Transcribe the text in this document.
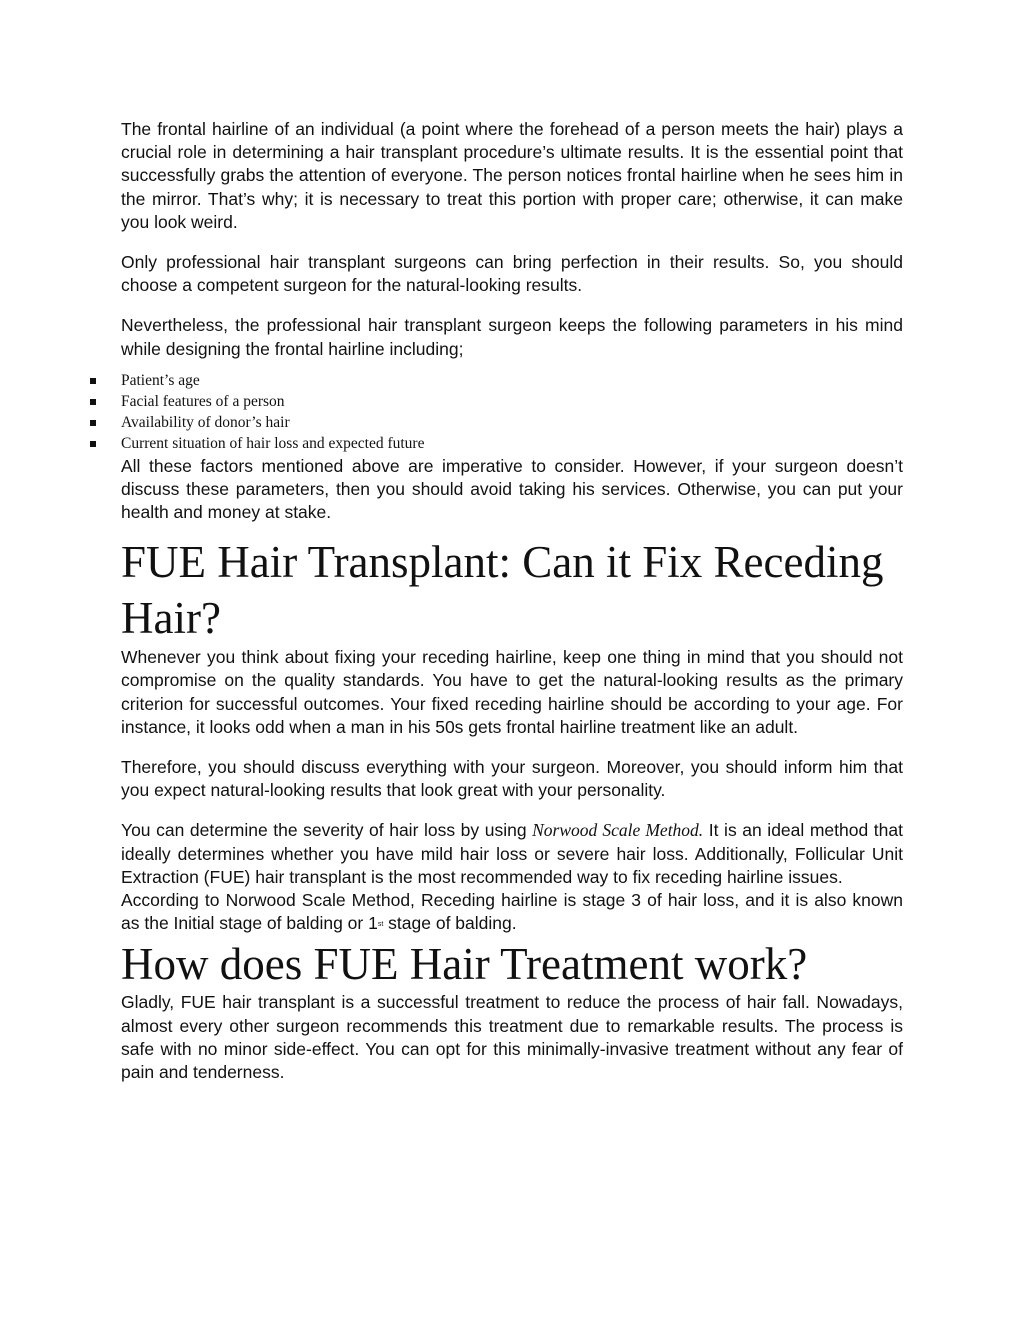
The frontal hairline of an individual (a point where the forehead of a person meets the hair) plays a crucial role in determining a hair transplant procedure’s ultimate results. It is the essential point that successfully grabs the attention of everyone. The person notices frontal hairline when he sees him in the mirror. That’s why; it is necessary to treat this portion with proper care; otherwise, it can make you look weird.

Only professional hair transplant surgeons can bring perfection in their results. So, you should choose a competent surgeon for the natural-looking results.

Nevertheless, the professional hair transplant surgeon keeps the following parameters in his mind while designing the frontal hairline including;

Patient’s age
Facial features of a person
Availability of donor’s hair
Current situation of hair loss and expected future

All these factors mentioned above are imperative to consider. However, if your surgeon doesn’t discuss these parameters, then you should avoid taking his services. Otherwise, you can put your health and money at stake.

FUE Hair Transplant: Can it Fix Receding Hair?

Whenever you think about fixing your receding hairline, keep one thing in mind that you should not compromise on the quality standards. You have to get the natural-looking results as the primary criterion for successful outcomes. Your fixed receding hairline should be according to your age. For instance, it looks odd when a man in his 50s gets frontal hairline treatment like an adult.

Therefore, you should discuss everything with your surgeon. Moreover, you should inform him that you expect natural-looking results that look great with your personality.

You can determine the severity of hair loss by using Norwood Scale Method. It is an ideal method that ideally determines whether you have mild hair loss or severe hair loss. Additionally, Follicular Unit Extraction (FUE) hair transplant is the most recommended way to fix receding hairline issues.

According to Norwood Scale Method, Receding hairline is stage 3 of hair loss, and it is also known as the Initial stage of balding or 1st stage of balding.

How does FUE Hair Treatment work?

Gladly, FUE hair transplant is a successful treatment to reduce the process of hair fall. Nowadays, almost every other surgeon recommends this treatment due to remarkable results. The process is safe with no minor side-effect. You can opt for this minimally-invasive treatment without any fear of pain and tenderness.
